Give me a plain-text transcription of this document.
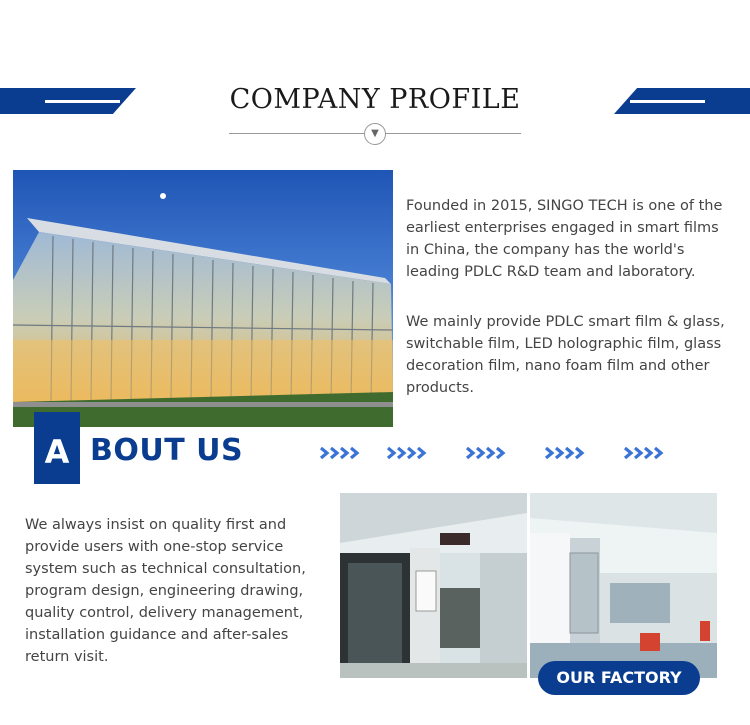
COMPANY PROFILE
▼
Founded in 2015, SINGO TECH is one of the earliest enterprises engaged in smart films in China, the company has the world's leading PDLC R&D team and laboratory.
We mainly provide PDLC smart film & glass, switchable film, LED holographic film, glass decoration film, nano foam film and other products.
A BOUT US
We always insist on quality first and provide users with one-stop service system such as technical consultation, program design, engineering drawing, quality control, delivery management, installation guidance and after-sales return visit.
OUR FACTORY
